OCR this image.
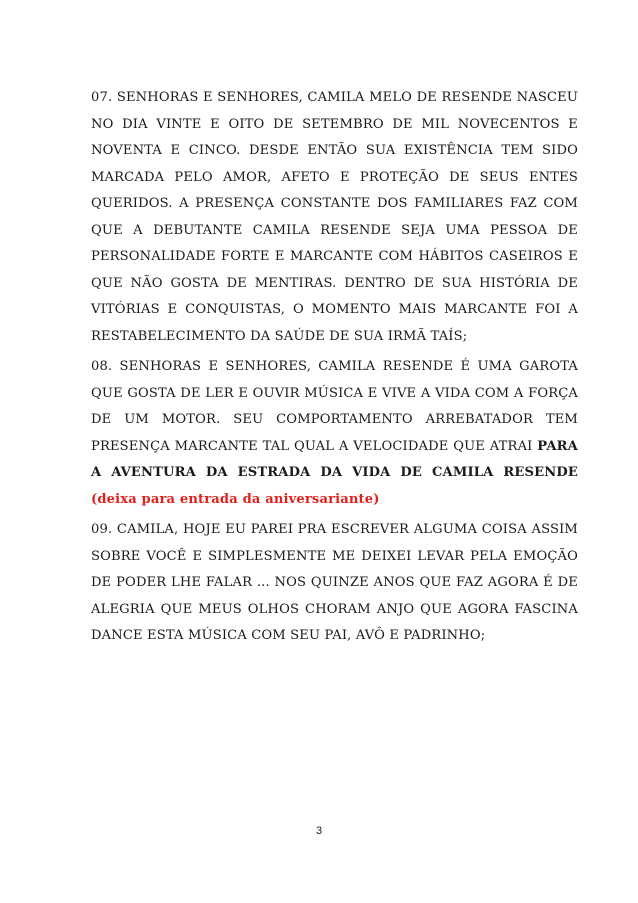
07. SENHORAS E SENHORES, CAMILA MELO DE RESENDE NASCEU NO DIA VINTE E OITO DE SETEMBRO DE MIL NOVECENTOS E NOVENTA E CINCO. DESDE ENTÃO SUA EXISTÊNCIA TEM SIDO MARCADA PELO AMOR, AFETO E PROTEÇÃO DE SEUS ENTES QUERIDOS. A PRESENÇA CONSTANTE DOS FAMILIARES FAZ COM QUE A DEBUTANTE CAMILA RESENDE SEJA UMA PESSOA DE PERSONALIDADE FORTE E MARCANTE COM HÁBITOS CASEIROS E QUE NÃO GOSTA DE MENTIRAS. DENTRO DE SUA HISTÓRIA DE VITÓRIAS E CONQUISTAS, O MOMENTO MAIS MARCANTE FOI A RESTABELECIMENTO DA SAÚDE DE SUA IRMÃ TAÍS;

08. SENHORAS E SENHORES, CAMILA RESENDE É UMA GAROTA QUE GOSTA DE LER E OUVIR MÚSICA E VIVE A VIDA COM A FORÇA DE UM MOTOR. SEU COMPORTAMENTO ARREBATADOR TEM PRESENÇA MARCANTE TAL QUAL A VELOCIDADE QUE ATRAI PARA A AVENTURA DA ESTRADA DA VIDA DE CAMILA RESENDE (deixa para entrada da aniversariante)

09. CAMILA, HOJE EU PAREI PRA ESCREVER ALGUMA COISA ASSIM SOBRE VOCÊ E SIMPLESMENTE ME DEIXEI LEVAR PELA EMOÇÃO DE PODER LHE FALAR ... NOS QUINZE ANOS QUE FAZ AGORA É DE ALEGRIA QUE MEUS OLHOS CHORAM ANJO QUE AGORA FASCINA DANCE ESTA MÚSICA COM SEU PAI, AVÔ E PADRINHO;

3
